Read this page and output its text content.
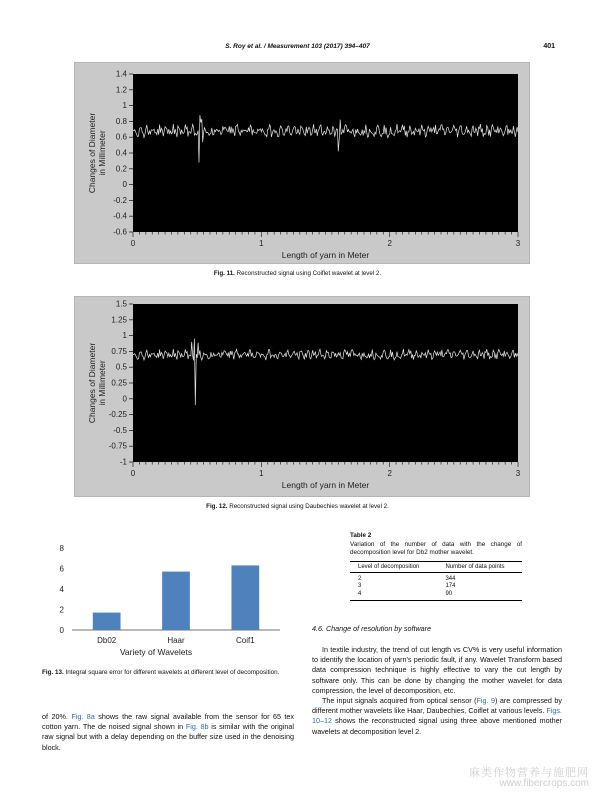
S. Roy et al. / Measurement 103 (2017) 394–407	401
-0.6
-0.4
-0.2
0
0.2
0.4
0.6
0.8
1
1.2
1.4
0	1	2	3
Changes of Diameter in Millimeter
Length of yarn in Meter
Fig. 11. Reconstructed signal using Coiflet wavelet at level 2.
-1
-0.75
-0.5
-0.25
0
0.25
0.5
0.75
1
1.25
1.5
0	1	2	3
Changes of Diameter in Millimeter
Length of yarn in Meter
Fig. 12. Reconstructed signal using Daubechies wavelet at level 2.
0
2
4
6
8
Db02	Haar	Coif1
Variety of Wavelets
Fig. 13. Integral square error for different wavelets at different level of decomposition.
Table 2
Variation of the number of data with the change of decomposition level for Db2 mother wavelet.
Level of decomposition	Number of data points
2	344
3	174
4	90
4.6. Change of resolution by software
In textile industry, the trend of cut length vs CV% is very useful information to identify the location of yarn's periodic fault, if any. Wavelet Transform based data compression technique is highly effective to vary the cut length by software only. This can be done by changing the mother wavelet for data compression, the level of decomposition, etc.
The input signals acquired from optical sensor (Fig. 9) are compressed by different mother wavelets like Haar, Daubechies, Coiflet at various levels. Figs. 10–12 shows the reconstructed signal using three above mentioned mother wavelets at decomposition level 2.
of 20%. Fig. 8a shows the raw signal available from the sensor for 65 tex cotton yarn. The de noised signal shown in Fig. 8b is similar with the original raw signal but with a delay depending on the buffer size used in the denoising block.
麻类作物营养与施肥网
www.fibercrops.com
